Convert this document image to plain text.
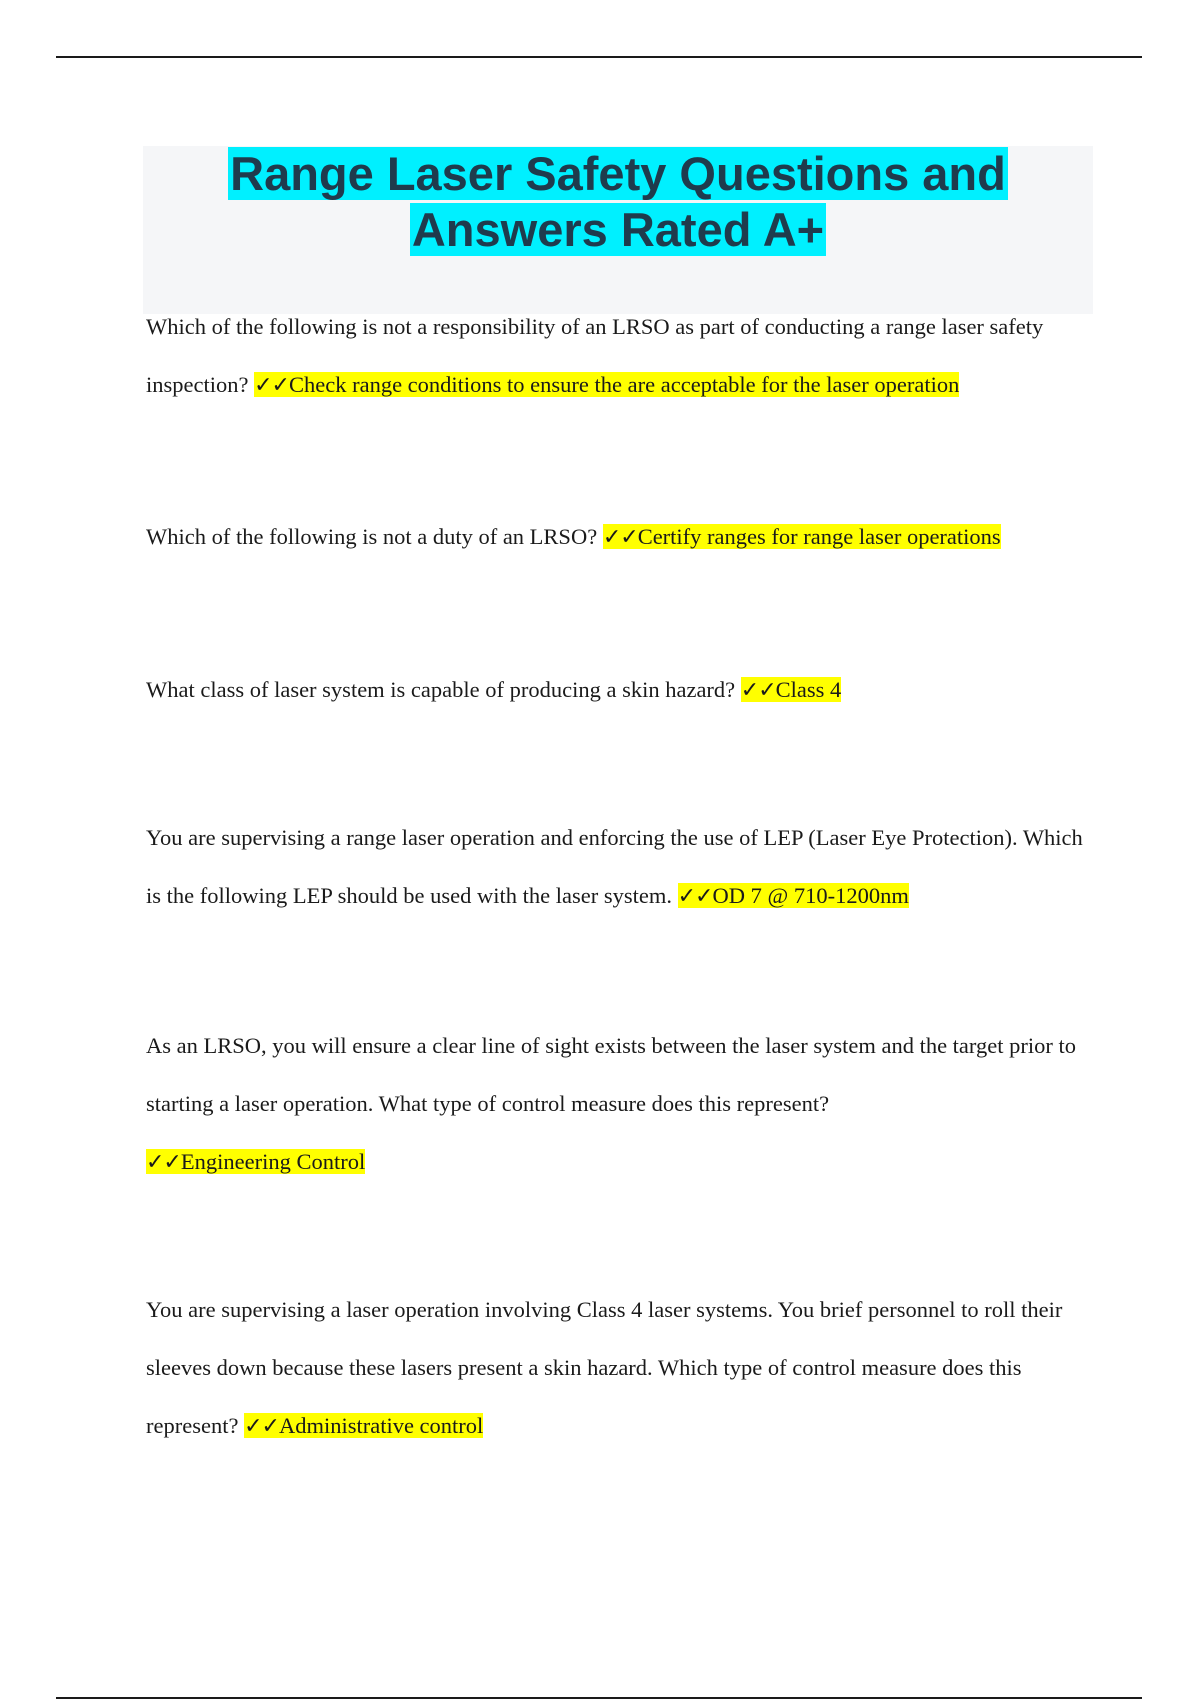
Range Laser Safety Questions and
Answers Rated A+
Which of the following is not a responsibility of an LRSO as part of conducting a range laser safety inspection? ✓✓Check range conditions to ensure the are acceptable for the laser operation
Which of the following is not a duty of an LRSO? ✓✓Certify ranges for range laser operations
What class of laser system is capable of producing a skin hazard? ✓✓Class 4
You are supervising a range laser operation and enforcing the use of LEP (Laser Eye Protection). Which is the following LEP should be used with the laser system. ✓✓OD 7 @ 710-1200nm
As an LRSO, you will ensure a clear line of sight exists between the laser system and the target prior to starting a laser operation. What type of control measure does this represent?
✓✓Engineering Control
You are supervising a laser operation involving Class 4 laser systems. You brief personnel to roll their sleeves down because these lasers present a skin hazard. Which type of control measure does this represent? ✓✓Administrative control
